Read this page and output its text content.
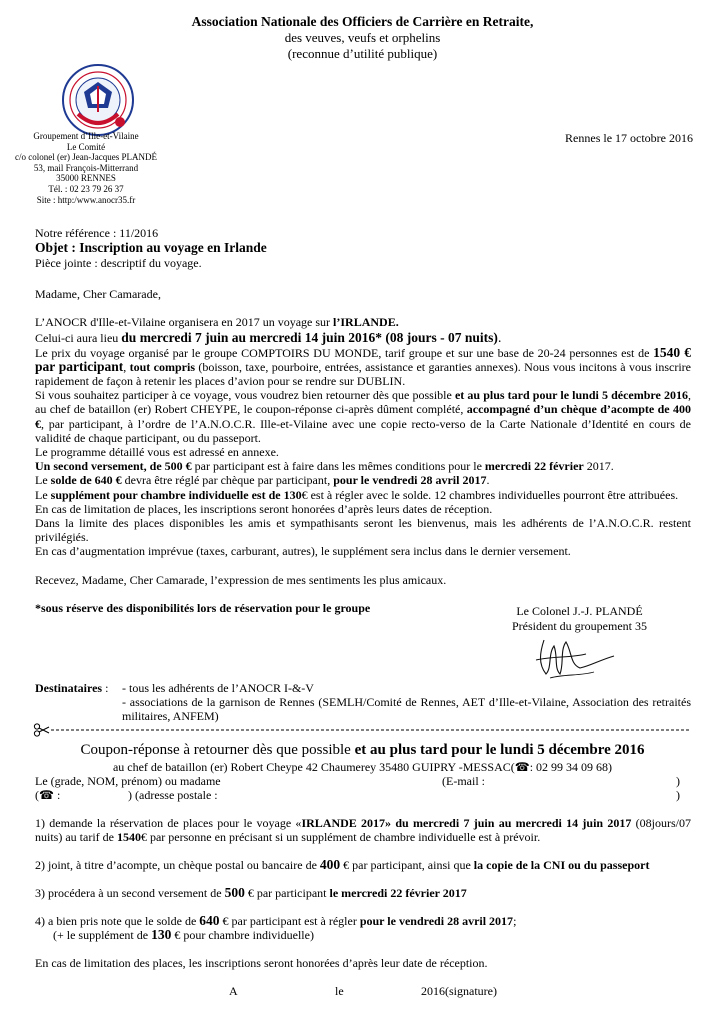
Association Nationale des Officiers de Carrière en Retraite,
des veuves, veufs et orphelins
(reconnue d’utilité publique)
Groupement d’Ille-et-Vilaine
Le Comité
c/o colonel (er) Jean-Jacques PLANDÉ
53, mail François-Mitterrand
35000 RENNES
Tél. : 02 23 79 26 37
Site : http:/www.anocr35.fr
Rennes le 17 octobre 2016
Notre référence : 11/2016
Objet : Inscription au voyage en Irlande
Pièce jointe : descriptif du voyage.

Madame, Cher Camarade,

L’ANOCR d'Ille-et-Vilaine organisera en 2017 un voyage sur l’IRLANDE.

Celui-ci aura lieu du mercredi 7 juin au mercredi 14 juin 2016* (08 jours - 07 nuits).

Le prix du voyage organisé par le groupe COMPTOIRS DU MONDE, tarif groupe et sur une base de 20-24 personnes est de 1540 € par participant, tout compris (boisson, taxe, pourboire, entrées, assistance et garanties annexes). Nous vous incitons à vous inscrire rapidement de façon à retenir les places d’avion pour se rendre sur DUBLIN.

Si vous souhaitez participer à ce voyage, vous voudrez bien retourner dès que possible et au plus tard pour le lundi 5 décembre 2016, au chef de bataillon (er) Robert CHEYPE, le coupon-réponse ci-après dûment complété, accompagné d’un chèque d’acompte de 400 €, par participant, à l’ordre de l’A.N.O.C.R. Ille-et-Vilaine avec une copie recto-verso de la Carte Nationale d’Identité en cours de validité de chaque participant, ou du passeport.

Le programme détaillé vous est adressé en annexe.

Un second versement, de 500 € par participant est à faire dans les mêmes conditions pour le mercredi 22 février 2017.

Le solde de 640 € devra être réglé par chèque par participant, pour le vendredi 28 avril 2017.

Le supplément pour chambre individuelle est de 130€ est à régler avec le solde. 12 chambres individuelles pourront être attribuées.

En cas de limitation de places, les inscriptions seront honorées d’après leurs dates de réception.

Dans la limite des places disponibles les amis et sympathisants seront les bienvenus, mais les adhérents de l’A.N.O.C.R. restent privilégiés.

En cas d’augmentation imprévue (taxes, carburant, autres), le supplément sera inclus dans le dernier versement.

Recevez, Madame, Cher Camarade, l’expression de mes sentiments les plus amicaux.

*sous réserve des disponibilités lors de réservation pour le groupe	Le Colonel J.-J. PLANDÉ
Président du groupement 35
Destinataires :	- tous les adhérents de l’ANOCR I-&-V
- associations de la garnison de Rennes (SEMLH/Comité de Rennes, AET d’Ille-et-Vilaine, Association des retraités militaires, ANFEM)
Coupon-réponse à retourner dès que possible et au plus tard pour le lundi 5 décembre 2016
au chef de bataillon (er) Robert Cheype 42 Chaumerey 35480 GUIPRY -MESSAC(☎: 02 99 34 09 68)
Le (grade, NOM, prénom) ou madame	(E-mail :	)
(☎ :	) (adresse postale :	)
1) demande la réservation de places pour le voyage «IRLANDE 2017» du mercredi 7 juin au mercredi 14 juin 2017 (08jours/07 nuits) au tarif de 1540€ par personne en précisant si un supplément de chambre individuelle est à prévoir.
2) joint, à titre d’acompte, un chèque postal ou bancaire de 400 € par participant, ainsi que la copie de la CNI ou du passeport
3) procédera à un second versement de 500 € par participant le mercredi 22 février 2017
4) a bien pris note que le solde de 640 € par participant est à régler pour le vendredi 28 avril 2017;
(+ le supplément de 130 € pour chambre individuelle)
En cas de limitation des places, les inscriptions seront honorées d’après leur date de réception.
A	le	2016(signature)
